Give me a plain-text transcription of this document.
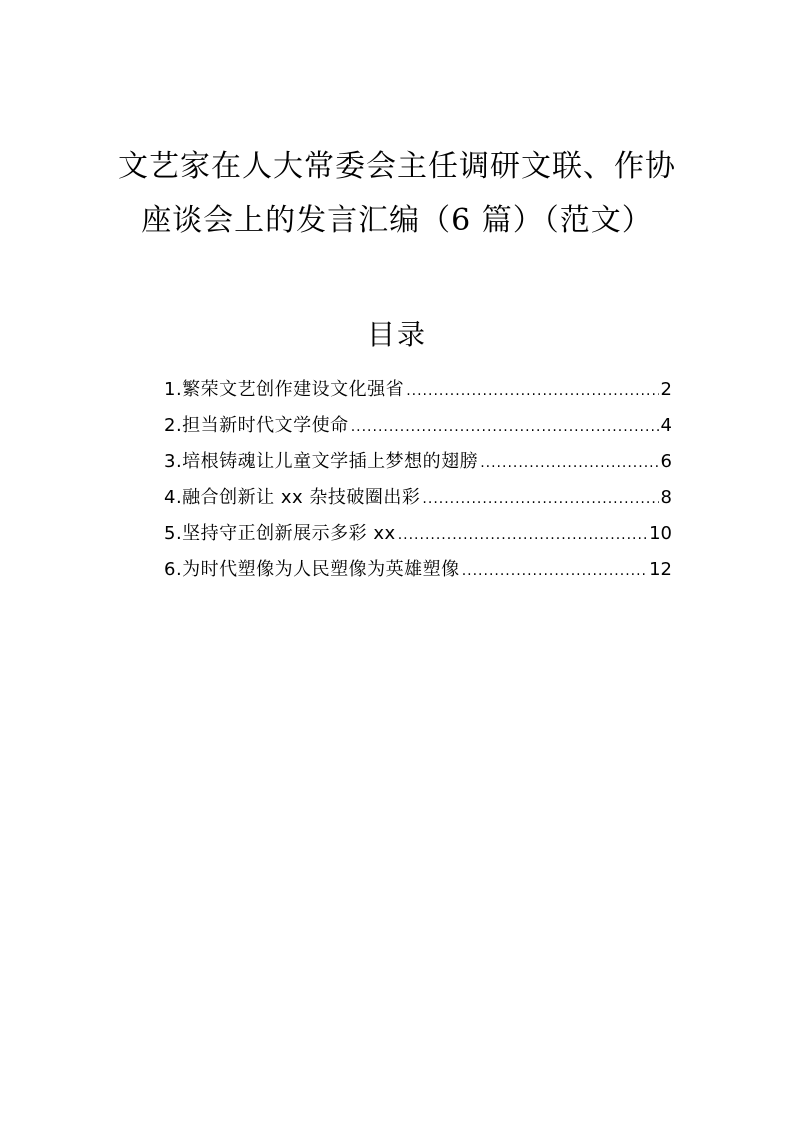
文艺家在人大常委会主任调研文联、作协
座谈会上的发言汇编（6 篇）（范文）
目录
1.繁荣文艺创作建设文化强省 .....	2
2.担当新时代文学使命 .....	4
3.培根铸魂让儿童文学插上梦想的翅膀 .....	6
4.融合创新让 xx 杂技破圈出彩 .....	8
5.坚持守正创新展示多彩 xx .....	10
6.为时代塑像为人民塑像为英雄塑像 .....	12
